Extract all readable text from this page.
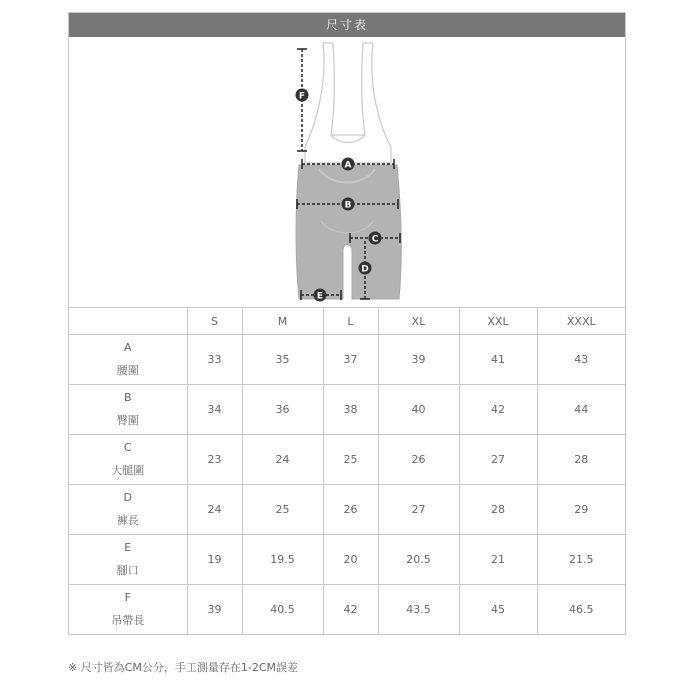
尺寸表
F
A
B
C
D
E
	S	M	L	XL	XXL	XXXL

A
腰圍	33	35	37	39	41	43

B
臀圍	34	36	38	40	42	44

C
大腿圍	23	24	25	26	27	28

D
褲長	24	25	26	27	28	29

E
腳口	19	19.5	20	20.5	21	21.5

F
吊帶長	39	40.5	42	43.5	45	46.5
※ 尺寸皆為CM公分，手工測量存在1-2CM誤差
